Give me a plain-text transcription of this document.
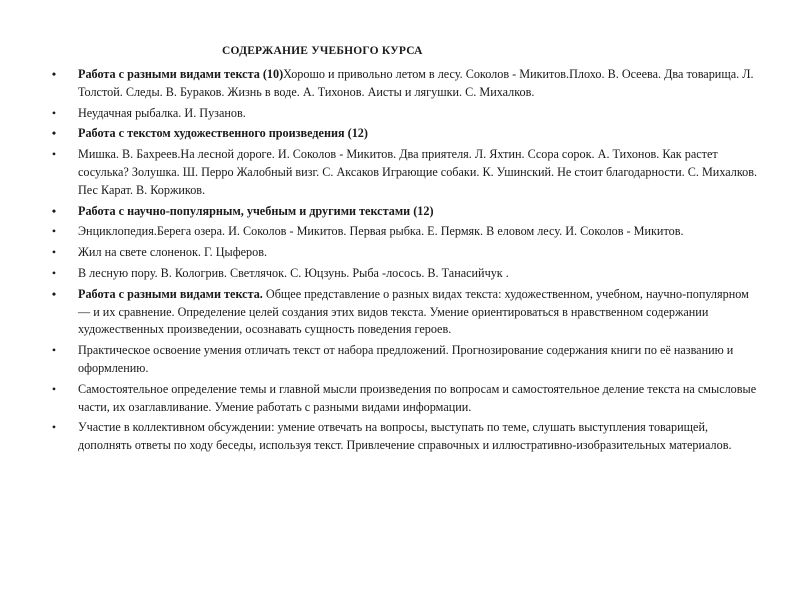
СОДЕРЖАНИЕ УЧЕБНОГО КУРСА
•	Работа с разными видами текста (10)Хорошо и привольно летом в лесу. Соколов - Микитов.Плохо. В. Осеева. Два товарища. Л. Толстой. Следы. В. Бураков. Жизнь в воде. А. Тихонов. Аисты и лягушки. С. Михалков.
•	Неудачная рыбалка. И. Пузанов.
•	Работа с текстом художественного произведения (12)
•	Мишка. В. Бахреев.На лесной дороге. И. Соколов - Микитов. Два приятеля. Л. Яхтин. Ссора сорок. А. Тихонов. Как растет сосулька? Золушка. Ш. Перро Жалобный визг. С. Аксаков Играющие собаки. К. Ушинский. Не стоит благодарности. С. Михалков. Пес Карат. В. Коржиков.
•	Работа с научно-популярным, учебным и другими текстами (12)
•	Энциклопедия.Берега озера. И. Соколов - Микитов. Первая рыбка. Е. Пермяк. В еловом лесу. И. Соколов - Микитов.
•	Жил на свете слоненок. Г. Цыферов.
•	В лесную пору. В. Кологрив. Светлячок. С. Юцзунь. Рыба -лосось. В. Танасийчук .
•	Работа с разными видами текста. Общее представление о разных видах текста: художественном, учебном, научно-популярном — и их сравнение. Определение целей создания этих видов текста. Умение ориентироваться в нравственном содержании художественных произведении, осознавать сущность поведения героев.
•	Практическое освоение умения отличать текст от набора предложений. Прогнозирование содержания книги по её названию и оформлению.
•	Самостоятельное определение темы и главной мысли произведения по вопросам и самостоятельное деление текста на смысловые части, их озаглавливание. Умение работать с разными видами информации.
•	Участие в коллективном обсуждении: умение отвечать на вопросы, выступать по теме, слушать выступления товарищей, дополнять ответы по ходу беседы, используя текст. Привлечение справочных и иллюстративно-изобразительных материалов.
